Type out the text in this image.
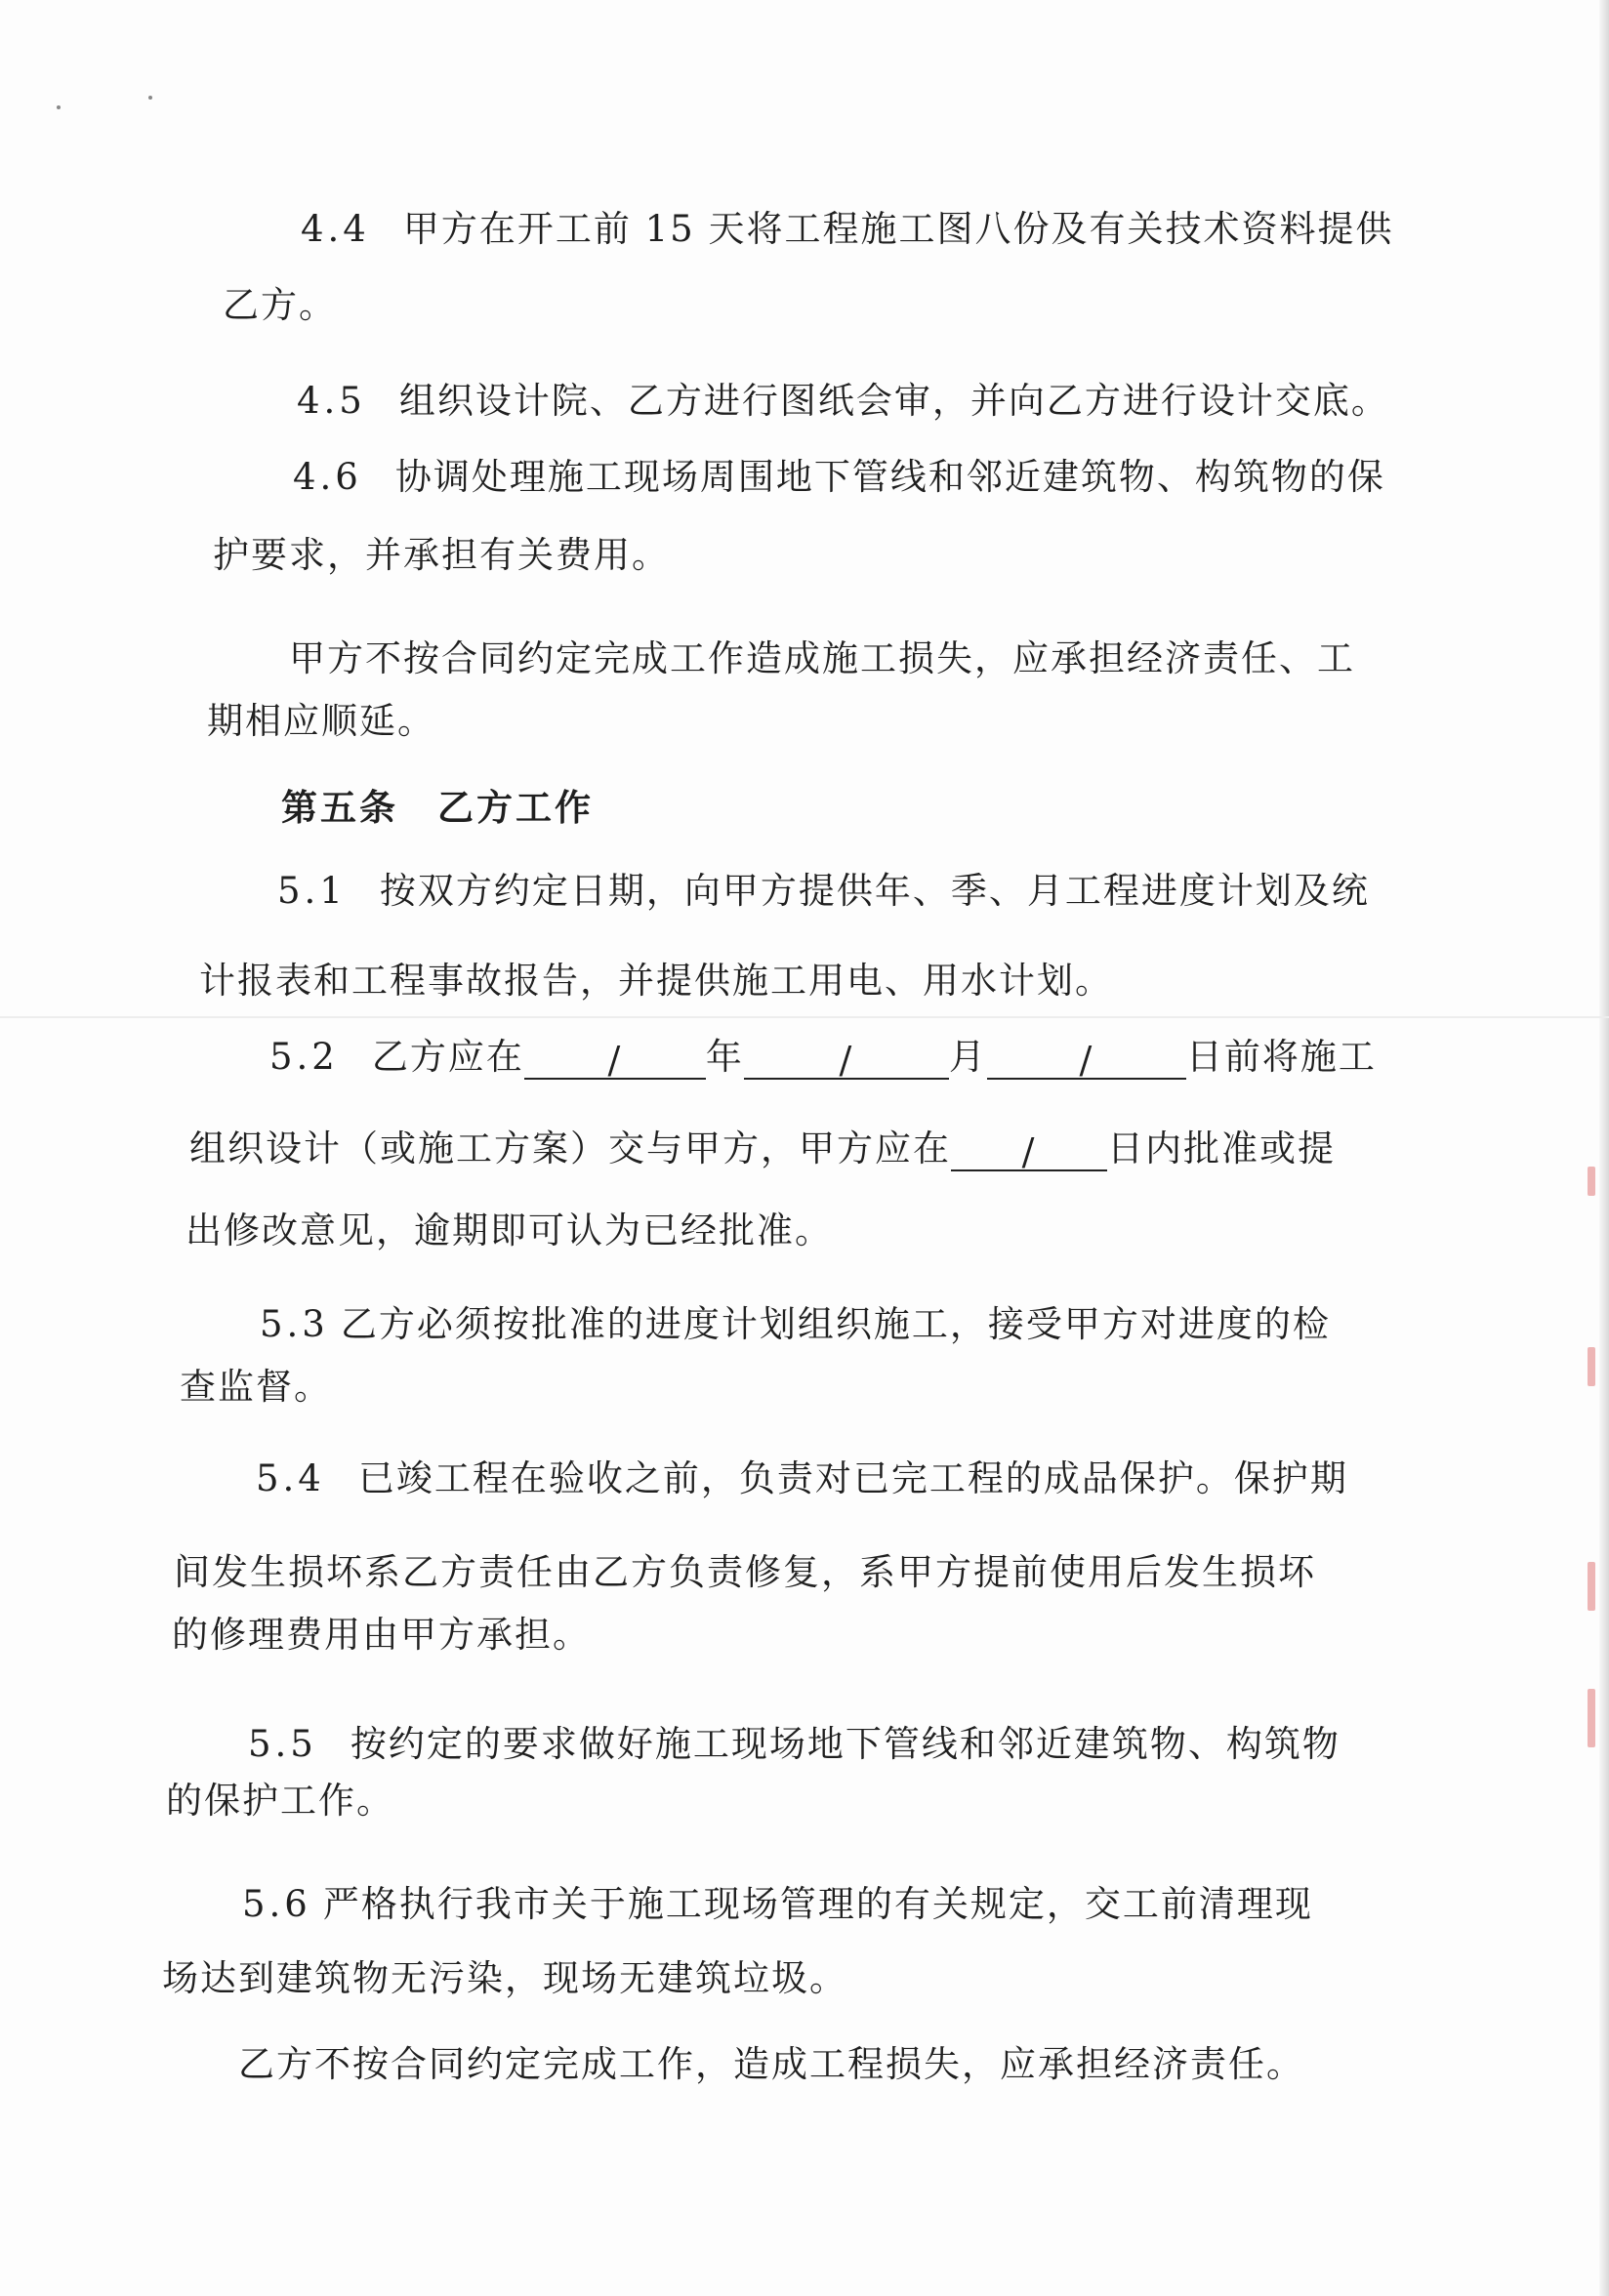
4.4 甲方在开工前 15 天将工程施工图八份及有关技术资料提供
乙方。
4.5 组织设计院、乙方进行图纸会审，并向乙方进行设计交底。
4.6 协调处理施工现场周围地下管线和邻近建筑物、构筑物的保
护要求，并承担有关费用。
甲方不按合同约定完成工作造成施工损失，应承担经济责任、工
期相应顺延。
第五条 乙方工作
5.1 按双方约定日期，向甲方提供年、季、月工程进度计划及统
计报表和工程事故报告，并提供施工用电、用水计划。
5.2 乙方应在 / 年	/	月 /	日前将施工
组织设计（或施工方案）交与甲方，甲方应在 / 日内批准或提
出修改意见，逾期即可认为已经批准。
5.3 乙方必须按批准的进度计划组织施工，接受甲方对进度的检
查监督。
5.4 已竣工程在验收之前，负责对已完工程的成品保护。保护期
间发生损坏系乙方责任由乙方负责修复，系甲方提前使用后发生损坏
的修理费用由甲方承担。
5.5 按约定的要求做好施工现场地下管线和邻近建筑物、构筑物
的保护工作。
5.6 严格执行我市关于施工现场管理的有关规定，交工前清理现
场达到建筑物无污染，现场无建筑垃圾。
乙方不按合同约定完成工作，造成工程损失，应承担经济责任。
